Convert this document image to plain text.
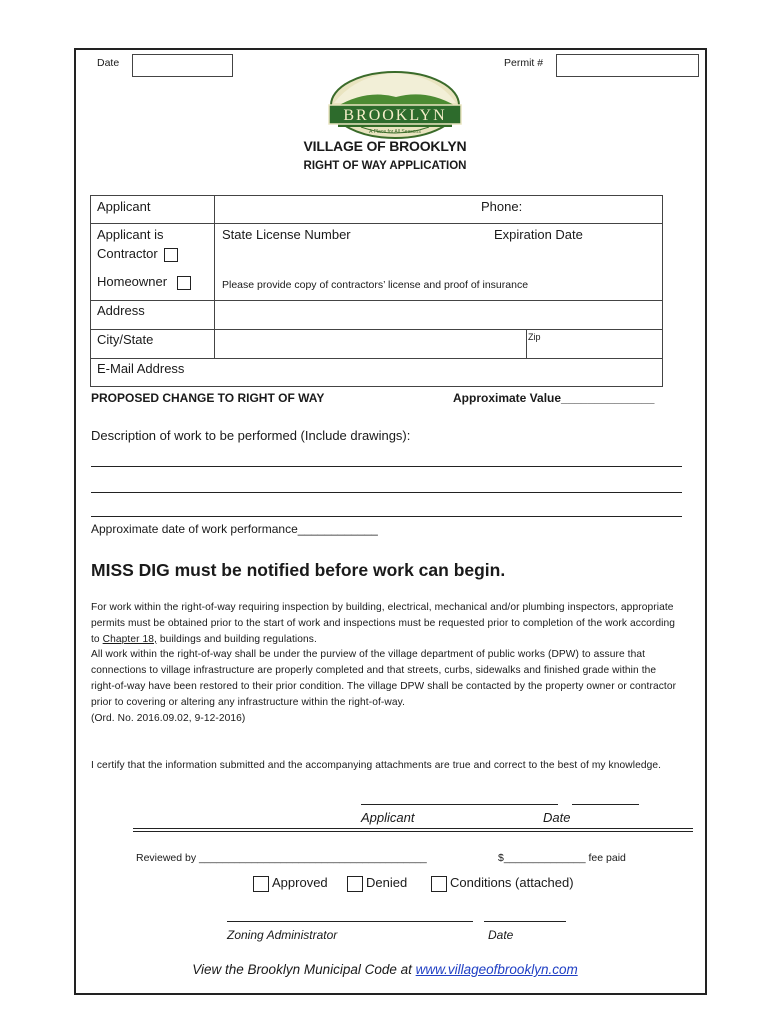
Date	Permit #
BROOKLYN
A Place for All Seasons
VILLAGE OF BROOKLYN
RIGHT OF WAY APPLICATION
Applicant	Phone:
Applicant is
Contractor
Homeowner
State License Number	Expiration Date
Please provide copy of contractors’ license and proof of insurance
Address
City/State	Zip
E-Mail Address
PROPOSED CHANGE TO RIGHT OF WAY	Approximate Value______________
Description of work to be performed (Include drawings):
Approximate date of work performance____________
MISS DIG must be notified before work can begin.

For work within the right-of-way requiring inspection by building, electrical, mechanical and/or plumbing inspectors, appropriate permits must be obtained prior to the start of work and inspections must be requested prior to completion of the work according to Chapter 18, buildings and building regulations.

All work within the right-of-way shall be under the purview of the village department of public works (DPW) to assure that connections to village infrastructure are properly completed and that streets, curbs, sidewalks and finished grade within the right-of-way have been restored to their prior condition. The village DPW shall be contacted by the property owner or contractor prior to covering or altering any infrastructure within the right-of-way.

(Ord. No. 2016.09.02, 9-12-2016)

I certify that the information submitted and the accompanying attachments are true and correct to the best of my knowledge.
Applicant	Date
Reviewed by _______________________________________	$______________ fee paid
Approved	Denied	Conditions (attached)
Zoning Administrator	Date
View the Brooklyn Municipal Code at www.villageofbrooklyn.com
